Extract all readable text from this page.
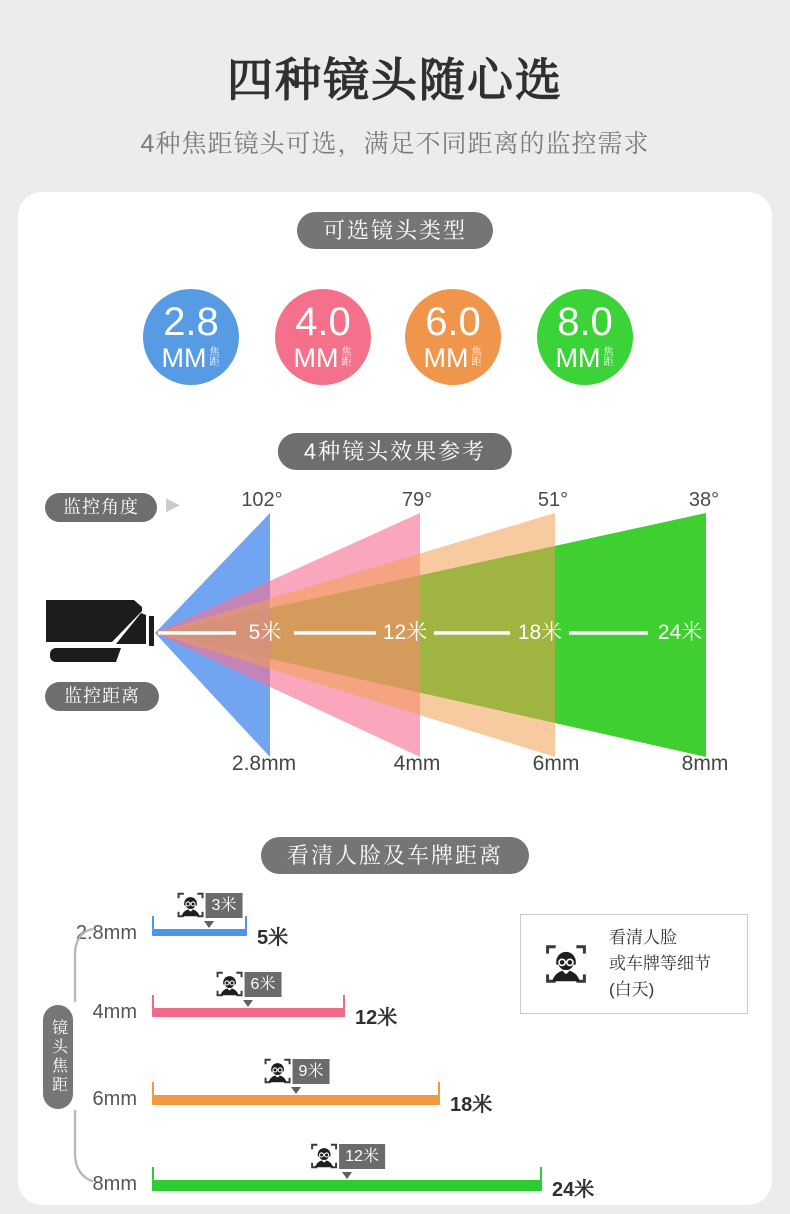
四种镜头随心选
4种焦距镜头可选，满足不同距离的监控需求
可选镜头类型
2.8
MM 焦距
4.0
MM 焦距
6.0
MM 焦距
8.0
MM 焦距
4种镜头效果参考
监控角度	▶
监控距离
102°	79°	51°	38°
5米	12米	18米	24米
2.8mm	4mm	6mm	8mm
看清人脸及车牌距离
2.8mm
3米
5米
4mm
6米
12米
6mm
9米
18米
8mm
12米
24米
看清人脸
或车牌等细节
(白天)
镜头焦距
